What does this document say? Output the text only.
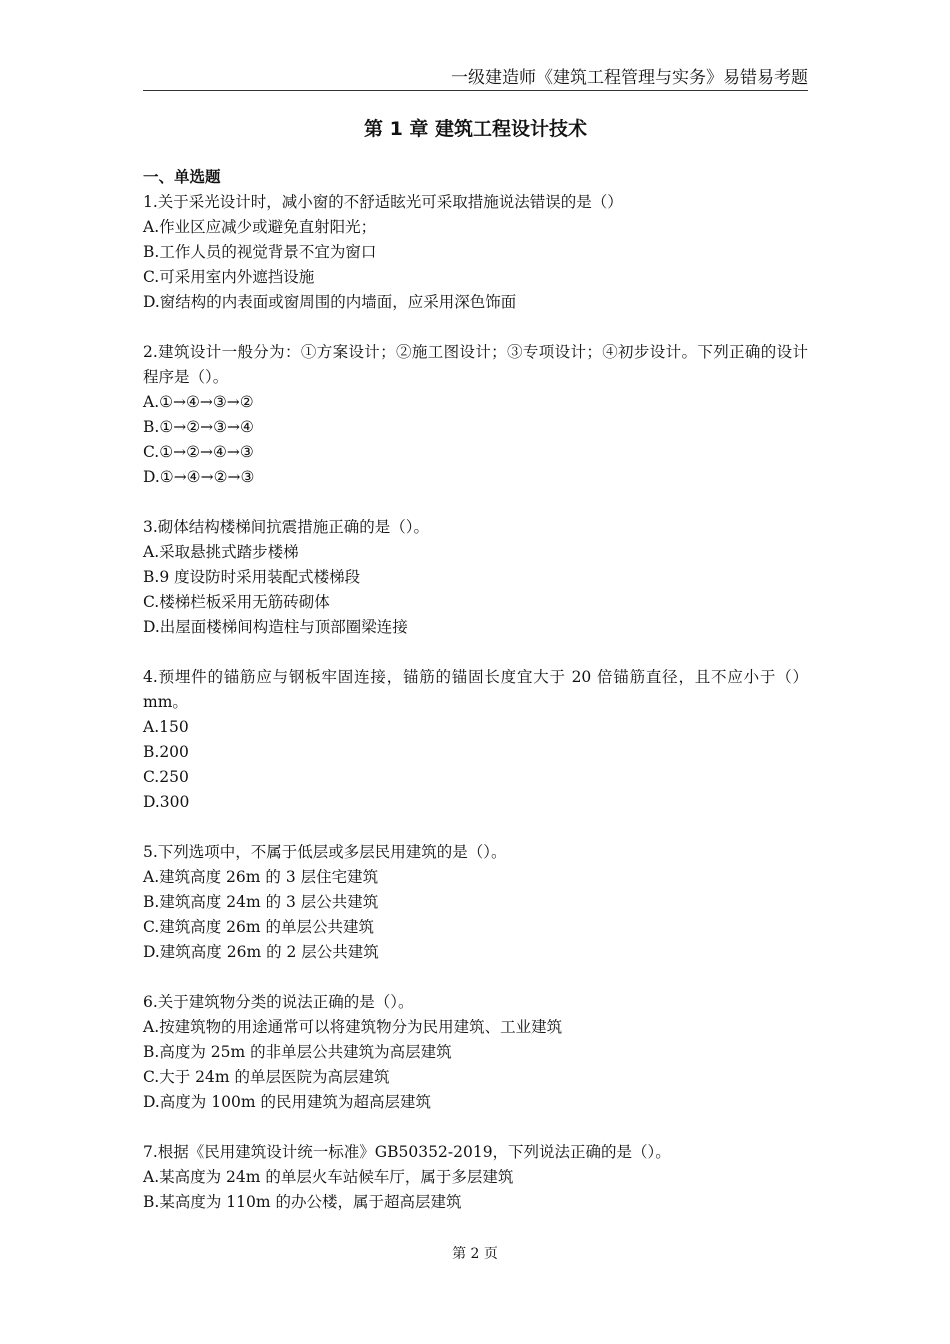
一级建造师《建筑工程管理与实务》易错易考题
第 1 章 建筑工程设计技术
一、单选题
1.关于采光设计时，减小窗的不舒适眩光可采取措施说法错误的是（）
A.作业区应减少或避免直射阳光；
B.工作人员的视觉背景不宜为窗口
C.可采用室内外遮挡设施
D.窗结构的内表面或窗周围的内墙面，应采用深色饰面
2.建筑设计一般分为：①方案设计；②施工图设计；③专项设计；④初步设计。下列正确的设计程序是（）。
A.①→④→③→②
B.①→②→③→④
C.①→②→④→③
D.①→④→②→③
3.砌体结构楼梯间抗震措施正确的是（）。
A.采取悬挑式踏步楼梯
B.9 度设防时采用装配式楼梯段
C.楼梯栏板采用无筋砖砌体
D.出屋面楼梯间构造柱与顶部圈梁连接
4.预埋件的锚筋应与钢板牢固连接，锚筋的锚固长度宜大于 20 倍锚筋直径，且不应小于（）mm。
A.150
B.200
C.250
D.300
5.下列选项中，不属于低层或多层民用建筑的是（）。
A.建筑高度 26m 的 3 层住宅建筑
B.建筑高度 24m 的 3 层公共建筑
C.建筑高度 26m 的单层公共建筑
D.建筑高度 26m 的 2 层公共建筑
6.关于建筑物分类的说法正确的是（）。
A.按建筑物的用途通常可以将建筑物分为民用建筑、工业建筑
B.高度为 25m 的非单层公共建筑为高层建筑
C.大于 24m 的单层医院为高层建筑
D.高度为 100m 的民用建筑为超高层建筑
7.根据《民用建筑设计统一标准》GB50352-2019，下列说法正确的是（）。
A.某高度为 24m 的单层火车站候车厅，属于多层建筑
B.某高度为 110m 的办公楼，属于超高层建筑
第 2 页
